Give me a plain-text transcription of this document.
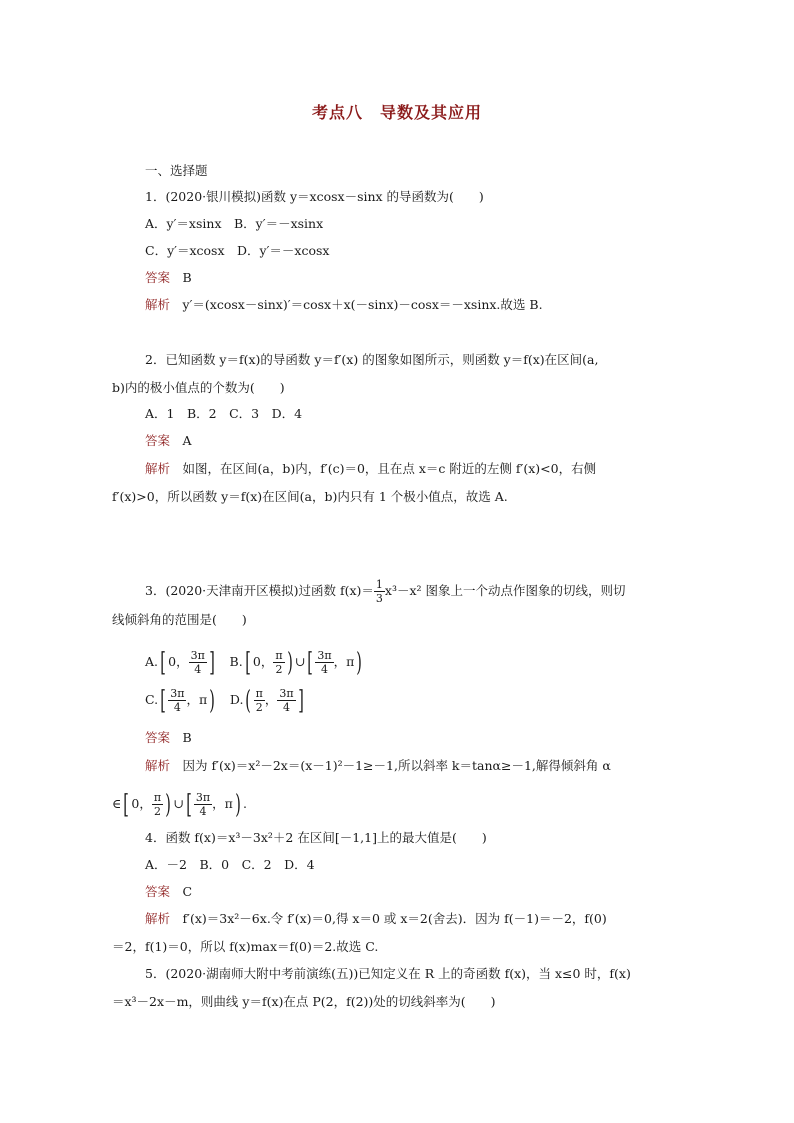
考点八　导数及其应用
一、选择题
1．(2020·银川模拟)函数 y＝xcosx－sinx 的导函数为(　　)
A．y′＝xsinx　B．y′＝－xsinx
C．y′＝xcosx　D．y′＝－xcosx
答案　 B
解析　 y′＝(xcosx－sinx)′＝cosx＋x(－sinx)－cosx＝－xsinx.故选 B.
2．已知函数 y＝f(x)的导函数 y＝f′(x) 的图象如图所示，则函数 y＝f(x)在区间(a,
b)内的极小值点的个数为(　　)
A．1　B．2　C．3　D．4
答案　 A
解析　 如图，在区间(a，b)内，f′(c)＝0，且在点 x＝c 附近的左侧 f′(x)<0，右侧
f′(x)>0，所以函数 y＝f(x)在区间(a，b)内只有 1 个极小值点，故选 A.
3．(2020·天津南开区模拟)过函数 $f(x)= \frac{1}{3} x^3-x^2$ 图象上一个动点作图象的切线，则切
线倾斜角的范围是(　　)
A.[ 0， $\frac{3\pi}{4}$ ]　 B.[ 0， $\frac{\pi}{2}$ ) ∪[ $\frac{3\pi}{4}$ ，π)
$C.[ \frac{3\pi}{4}$ ，π)　 $D.( \frac{\pi}{2}$ ， $\frac{3\pi}{4}$ ]
答案　 B
解析　 因为 f′(x)＝x²－2x＝(x－1)²－1≥－1,所以斜率 k＝tanα≥－1,解得倾斜角 α
∈[ 0， $\frac{\pi}{2}$ ) ∪[ $\frac{3\pi}{4}$ ，π) .
4．函数 f(x)＝x³－3x²＋2 在区间[－1,1]上的最大值是(　　)
A．－2　B．0　C．2　D．4
答案　 C
解析　 f′(x)＝3x²－6x.令 f′(x)＝0,得 x＝0 或 x＝2(舍去)．因为 f(－1)＝－2，f(0)
＝2，f(1)＝0，所以 f(x)max＝f(0)＝2.故选 C.
5．(2020·湖南师大附中考前演练(五))已知定义在 R 上的奇函数 f(x)，当 x≤0 时，f(x)
＝x³－2x－m，则曲线 y＝f(x)在点 P(2，f(2))处的切线斜率为(　　)
